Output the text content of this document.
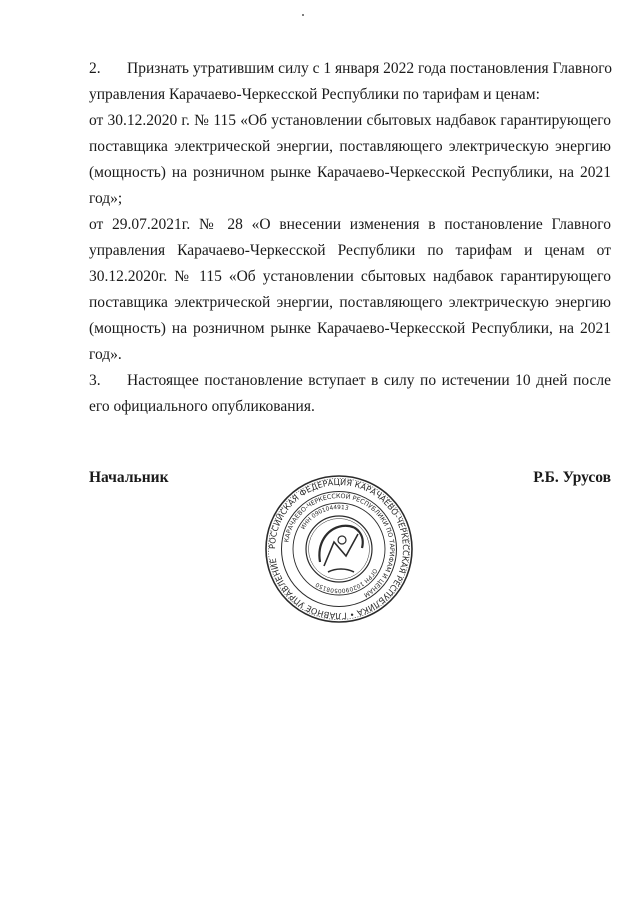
2. Признать утратившим силу с 1 января 2022 года постановления Главного
управления Карачаево-Черкесской Республики по тарифам и ценам:

от 30.12.2020 г. № 115 «Об установлении сбытовых надбавок гарантирующего
поставщика электрической энергии, поставляющего электрическую энергию
(мощность) на розничном рынке Карачаево-Черкесской Республики, на 2021
год»;

от 29.07.2021г. № 28 «О внесении изменения в постановление Главного
управления Карачаево-Черкесской Республики по тарифам и ценам от
30.12.2020г. № 115 «Об установлении сбытовых надбавок гарантирующего
поставщика электрической энергии, поставляющего электрическую энергию
(мощность) на розничном рынке Карачаево-Черкесской Республики, на 2021
год».

3. Настоящее постановление вступает в силу по истечении 10 дней после
его официального опубликования.

Начальник	Р.Б. Урусов
РОССИЙСКАЯ ФЕДЕРАЦИЯ КАРАЧАЕВО-ЧЕРКЕССКАЯ РЕСПУБЛИКА • ГЛАВНОЕ УПРАВЛЕНИЕ
КАРАЧАЕВО-ЧЕРКЕССКОЙ РЕСПУБЛИКИ ПО ТАРИФАМ И ЦЕНАМ
ИНН 0901044913
ОГРН 1020900508150
